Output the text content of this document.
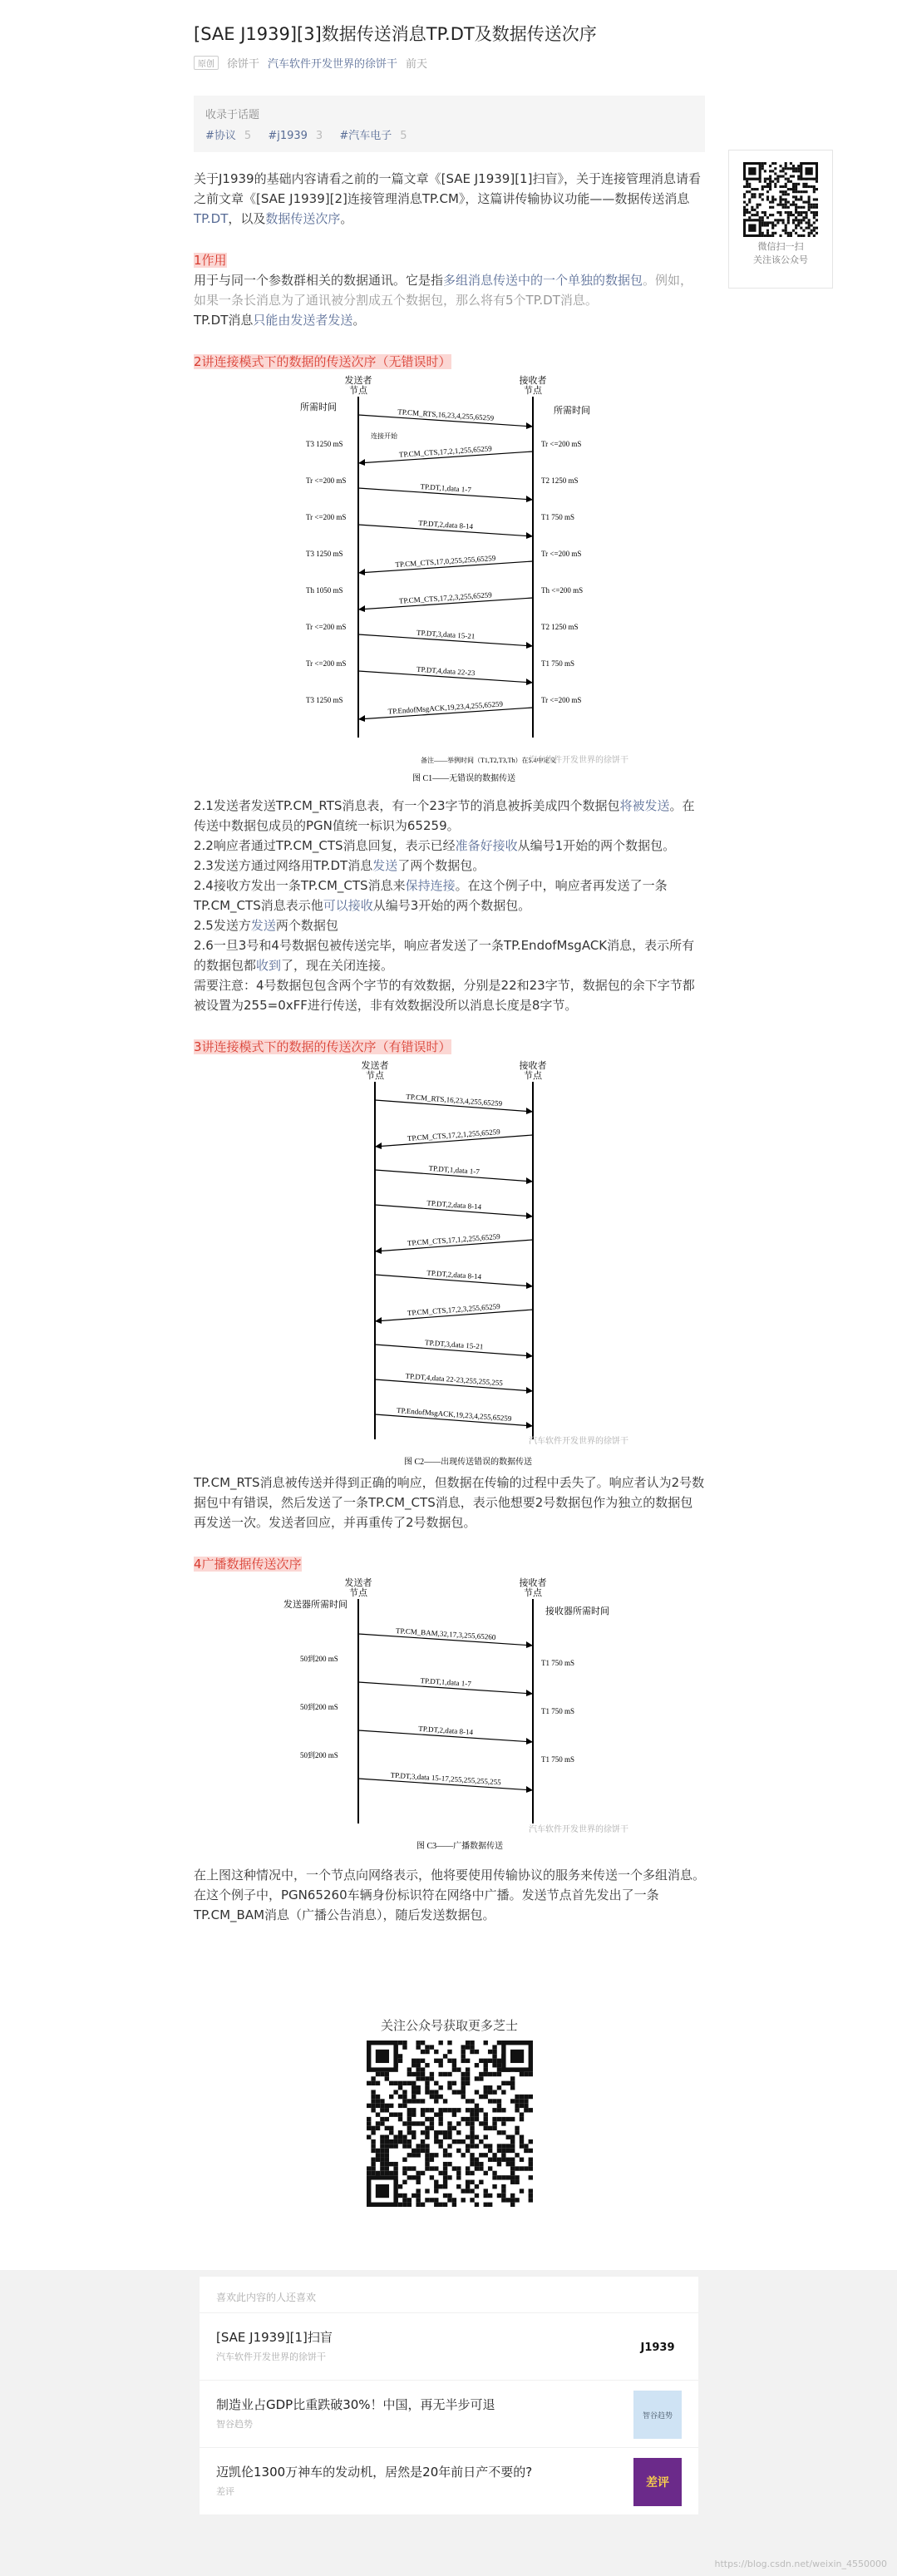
[SAE J1939][3]数据传送消息TP.DT及数据传送次序
原创	徐饼干 汽车软件开发世界的徐饼干 前天
收录于话题
#协议 5 #j1939 3 #汽车电子 5

关于J1939的基础内容请看之前的一篇文章《[SAE J1939][1]扫盲》，关于连接管理消息请看之前文章《[SAE J1939][2]连接管理消息TP.CM》，这篇讲传输协议功能——数据传送消息TP.DT，以及数据传送次序。

1作用

用于与同一个参数群相关的数据通讯。它是指多组消息传送中的一个单独的数据包。例如，如果一条长消息为了通讯被分割成五个数据包，那么将有5个TP.DT消息。

TP.DT消息只能由发送者发送。

2讲连接模式下的数据的传送次序（无错误时）

发送者
节点
接收者
节点
所需时间	所需时间
连接开始
TP.CM_RTS,16,23,4,255,65259
TP.CM_CTS,17,2,1,255,65259
TP.DT,1,data 1-7
TP.DT,2,data 8-14
TP.CM_CTS,17,0,255,255,65259
TP.CM_CTS,17,2,3,255,65259
TP.DT,3,data 15-21
TP.DT,4,data 22-23
TP.EndofMsgACK,19,23,4,255,65259
T3 1250 mS
Tr <=200 mS
Tr <=200 mS
T3 1250 mS
Th 1050 mS
Tr <=200 mS
Tr <=200 mS
T3 1250 mS
Tr <=200 mS
T2 1250 mS
T1 750 mS
Tr <=200 mS
Th <=200 mS
T2 1250 mS
T1 750 mS
Tr <=200 mS
备注——举例时间（T1,T2,T3,Th）在5.4中定义
图 C1——无错误的数据传送
汽车软件开发世界的徐饼干

2.1发送者发送TP.CM_RTS消息表，有一个23字节的消息被拆美成四个数据包将被发送。在传送中数据包成员的PGN值统一标识为65259。

2.2响应者通过TP.CM_CTS消息回复，表示已经准备好接收从编号1开始的两个数据包。

2.3发送方通过网络用TP.DT消息发送了两个数据包。

2.4接收方发出一条TP.CM_CTS消息来保持连接。在这个例子中，响应者再发送了一条TP.CM_CTS消息表示他可以接收从编号3开始的两个数据包。

2.5发送方发送两个数据包

2.6一旦3号和4号数据包被传送完毕，响应者发送了一条TP.EndofMsgACK消息，表示所有的数据包都收到了，现在关闭连接。

需要注意：4号数据包包含两个字节的有效数据，分别是22和23字节，数据包的余下字节都被设置为255=0xFF进行传送，非有效数据没所以消息长度是8字节。

3讲连接模式下的数据的传送次序（有错误时）

发送者
节点
接收者
节点
TP.CM_RTS,16,23,4,255,65259
TP.CM_CTS,17,2,1,255,65259
TP.DT,1,data 1-7
TP.DT,2,data 8-14
TP.CM_CTS,17,1,2,255,65259
TP.DT,2,data 8-14
TP.CM_CTS,17,2,3,255,65259
TP.DT,3,data 15-21
TP.DT,4,data 22-23,255,255,255
TP.EndofMsgACK,19,23,4,255,65259
图 C2——出现传送错误的数据传送
汽车软件开发世界的徐饼干

TP.CM_RTS消息被传送并得到正确的响应，但数据在传输的过程中丢失了。响应者认为2号数据包中有错误，然后发送了一条TP.CM_CTS消息，表示他想要2号数据包作为独立的数据包再发送一次。发送者回应，并再重传了2号数据包。

4广播数据传送次序

发送者
节点
接收者
节点
发送器所需时间
接收器所需时间
TP.CM_BAM,32,17,3,255,65260
TP.DT,1,data 1-7
TP.DT,2,data 8-14
TP.DT,3,data 15-17,255,255,255,255
50到200 mS
50到200 mS
50到200 mS
T1 750 mS
T1 750 mS
T1 750 mS
图 C3——广播数据传送
汽车软件开发世界的徐饼干

在上图这种情况中，一个节点向网络表示，他将要使用传输协议的服务来传送一个多组消息。在这个例子中，PGN65260车辆身份标识符在网络中广播。发送节点首先发出了一条TP.CM_BAM消息（广播公告消息），随后发送数据包。

关注公众号获取更多芝士
微信扫一扫
关注该公众号
喜欢此内容的人还喜欢
[SAE J1939][1]扫盲
汽车软件开发世界的徐饼干
J1939
制造业占GDP比重跌破30%！中国，再无半步可退
智谷趋势
智谷趋势
迈凯伦1300万神车的发动机，居然是20年前日产不要的?
差评
差评
https://blog.csdn.net/weixin_4550000
